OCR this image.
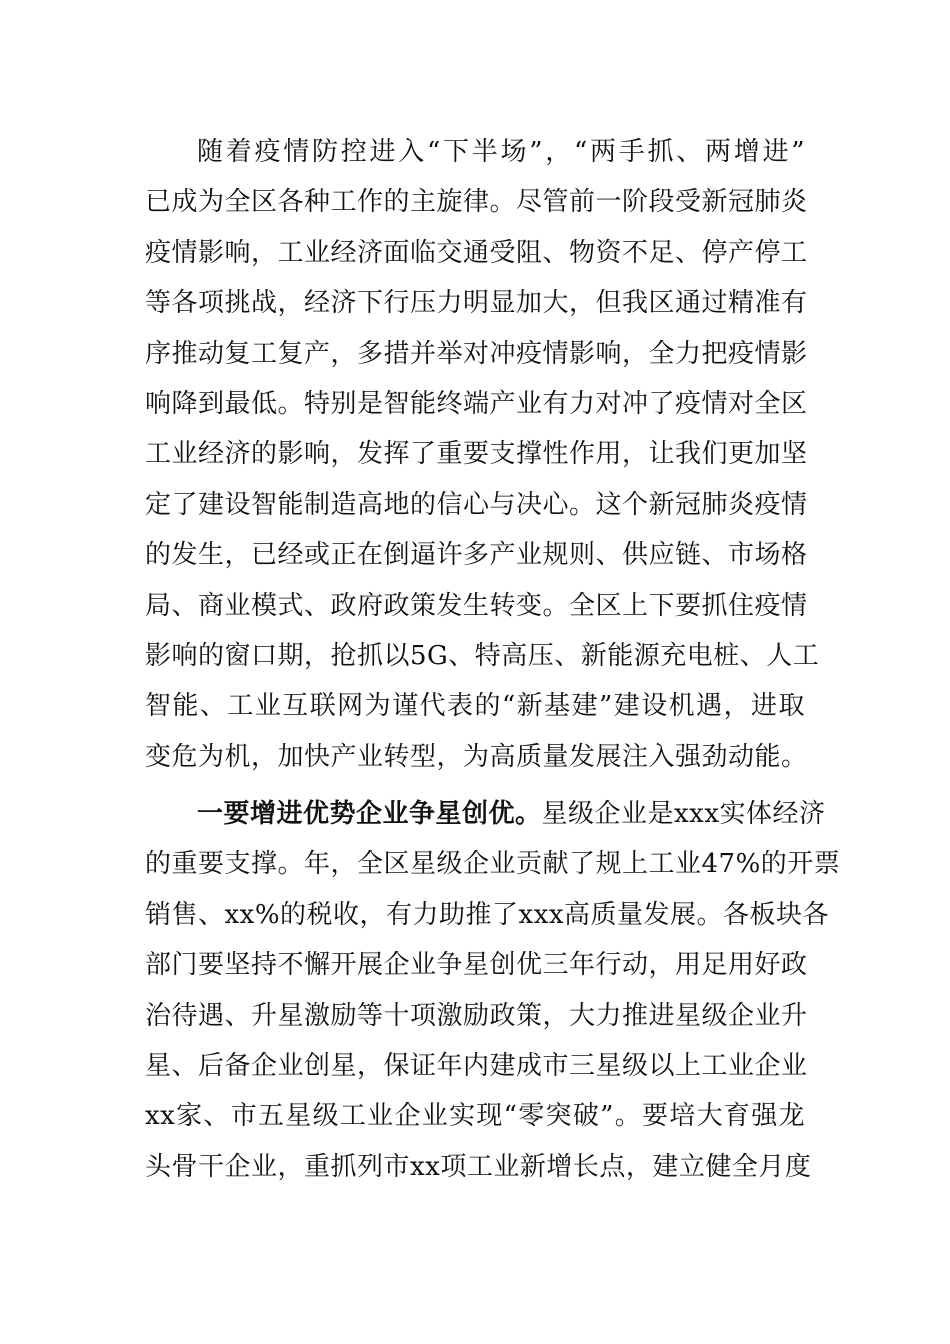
随着疫情防控进入“下半场”，“两手抓、两增进”
已成为全区各种工作的主旋律。尽管前一阶段受新冠肺炎
疫情影响，工业经济面临交通受阻、物资不足、停产停工
等各项挑战，经济下行压力明显加大，但我区通过精准有
序推动复工复产，多措并举对冲疫情影响，全力把疫情影
响降到最低。特别是智能终端产业有力对冲了疫情对全区
工业经济的影响，发挥了重要支撑性作用，让我们更加坚
定了建设智能制造高地的信心与决心。这个新冠肺炎疫情
的发生，已经或正在倒逼许多产业规则、供应链、市场格
局、商业模式、政府政策发生转变。全区上下要抓住疫情
影响的窗口期，抢抓以5G、特高压、新能源充电桩、人工
智能、工业互联网为谨代表的“新基建”建设机遇，进取
变危为机，加快产业转型，为高质量发展注入强劲动能。
一要增进优势企业争星创优。星级企业是xxx实体经济
的重要支撑。年，全区星级企业贡献了规上工业47%的开票
销售、xx%的税收，有力助推了xxx高质量发展。各板块各
部门要坚持不懈开展企业争星创优三年行动，用足用好政
治待遇、升星激励等十项激励政策，大力推进星级企业升
星、后备企业创星，保证年内建成市三星级以上工业企业
xx家、市五星级工业企业实现“零突破”。要培大育强龙
头骨干企业，重抓列市xx项工业新增长点，建立健全月度
